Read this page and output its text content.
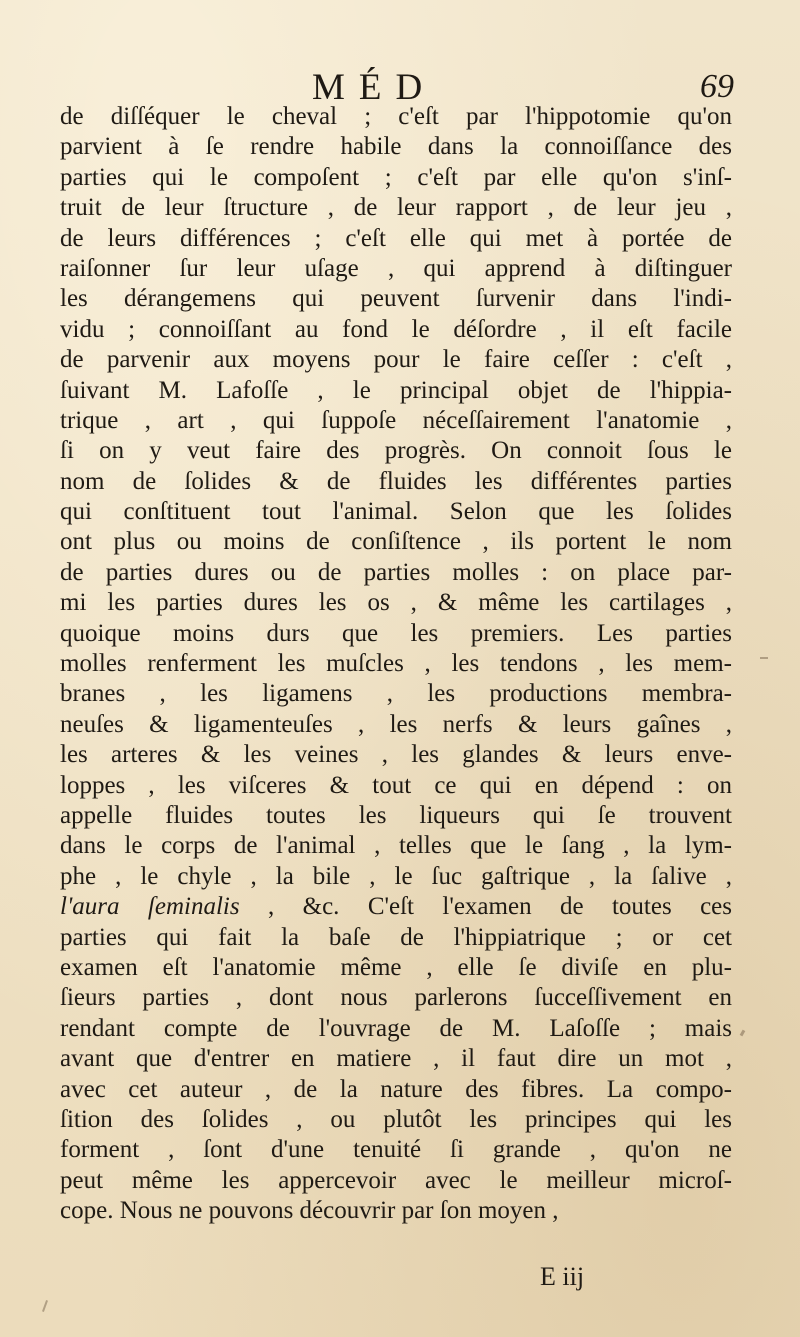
MÉD	69
de diſſéquer le cheval ; c'eſt par l'hippotomie qu'on
parvient à ſe rendre habile dans la connoiſſance des
parties qui le compoſent ; c'eſt par elle qu'on s'inſ-
truit de leur ſtructure , de leur rapport , de leur jeu ,
de leurs différences ; c'eſt elle qui met à portée de
raiſonner ſur leur uſage , qui apprend à diſtinguer
les dérangemens qui peuvent ſurvenir dans l'indi-
vidu ; connoiſſant au fond le déſordre , il eſt facile
de parvenir aux moyens pour le faire ceſſer : c'eſt ,
ſuivant M. Lafoſſe , le principal objet de l'hippia-
trique , art , qui ſuppoſe néceſſairement l'anatomie ,
ſi on y veut faire des progrès. On connoit ſous le
nom de ſolides & de fluides les différentes parties
qui conſtituent tout l'animal. Selon que les ſolides
ont plus ou moins de conſiſtence , ils portent le nom
de parties dures ou de parties molles : on place par-
mi les parties dures les os , & même les cartilages ,
quoique moins durs que les premiers. Les parties
molles renferment les muſcles , les tendons , les mem-
branes , les ligamens , les productions membra-
neuſes & ligamenteuſes , les nerfs & leurs gaînes ,
les arteres & les veines , les glandes & leurs enve-
loppes , les viſceres & tout ce qui en dépend : on
appelle fluides toutes les liqueurs qui ſe trouvent
dans le corps de l'animal , telles que le ſang , la lym-
phe , le chyle , la bile , le ſuc gaſtrique , la ſalive ,
l'aura ſeminalis , &c. C'eſt l'examen de toutes ces
parties qui fait la baſe de l'hippiatrique ; or cet
examen eſt l'anatomie même , elle ſe diviſe en plu-
ſieurs parties , dont nous parlerons ſucceſſivement en
rendant compte de l'ouvrage de M. Laſoſſe ; mais
avant que d'entrer en matiere , il faut dire un mot ,
avec cet auteur , de la nature des fibres. La compo-
ſition des ſolides , ou plutôt les principes qui les
forment , ſont d'une tenuité ſi grande , qu'on ne
peut même les appercevoir avec le meilleur microſ-
cope. Nous ne pouvons découvrir par ſon moyen ,
E iij
